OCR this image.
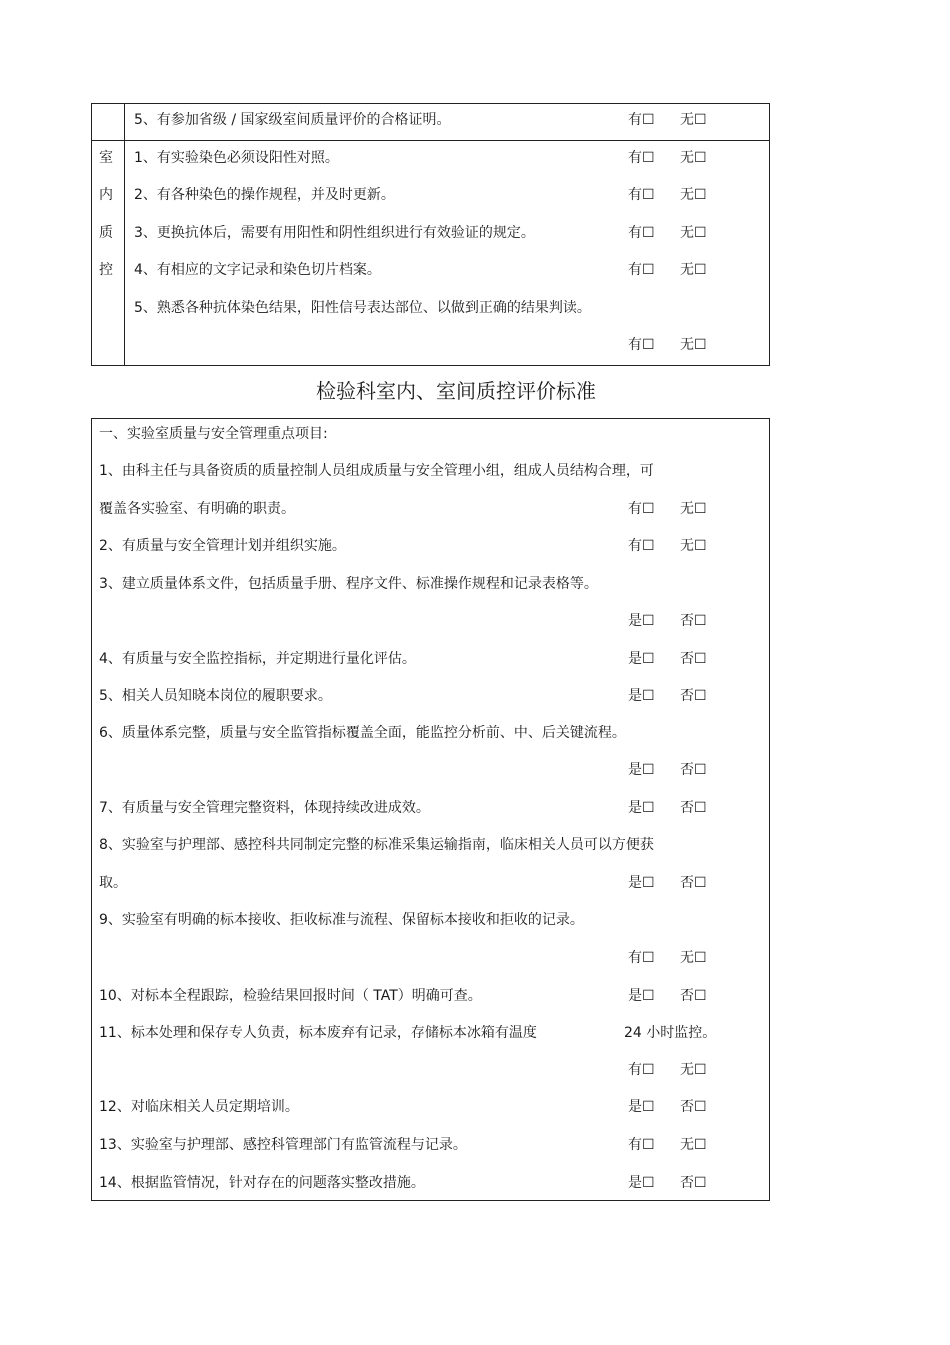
5、有参加省级 / 国家级室间质量评价的合格证明。	有☐ 无☐
室
内
质
控
1、有实验染色必须设阳性对照。	有☐ 无☐
2、有各种染色的操作规程，并及时更新。	有☐ 无☐
3、更换抗体后，需要有用阳性和阴性组织进行有效验证的规定。	有☐ 无☐
4、有相应的文字记录和染色切片档案。	有☐ 无☐
5、熟悉各种抗体染色结果，阳性信号表达部位、以做到正确的结果判读。
有☐ 无☐
检验科室内、室间质控评价标准
一、实验室质量与安全管理重点项目:
1、由科主任与具备资质的质量控制人员组成质量与安全管理小组，组成人员结构合理，可
覆盖各实验室、有明确的职责。	有☐ 无☐
2、有质量与安全管理计划并组织实施。	有☐ 无☐
3、建立质量体系文件，包括质量手册、程序文件、标准操作规程和记录表格等。
是☐ 否☐
4、有质量与安全监控指标，并定期进行量化评估。	是☐ 否☐
5、相关人员知晓本岗位的履职要求。	是☐ 否☐
6、质量体系完整，质量与安全监管指标覆盖全面，能监控分析前、中、后关键流程。
是☐ 否☐
7、有质量与安全管理完整资料，体现持续改进成效。	是☐ 否☐
8、实验室与护理部、感控科共同制定完整的标准采集运输指南，临床相关人员可以方便获
取。	是☐ 否☐
9、实验室有明确的标本接收、拒收标准与流程、保留标本接收和拒收的记录。
有☐ 无☐
10、对标本全程跟踪，检验结果回报时间（ TAT）明确可查。	是☐ 否☐
11、标本处理和保存专人负责，标本废弃有记录，存储标本冰箱有温度	24 小时监控。
有☐ 无☐
12、对临床相关人员定期培训。	是☐ 否☐
13、实验室与护理部、感控科管理部门有监管流程与记录。	有☐ 无☐
14、根据监管情况，针对存在的问题落实整改措施。	是☐ 否☐
